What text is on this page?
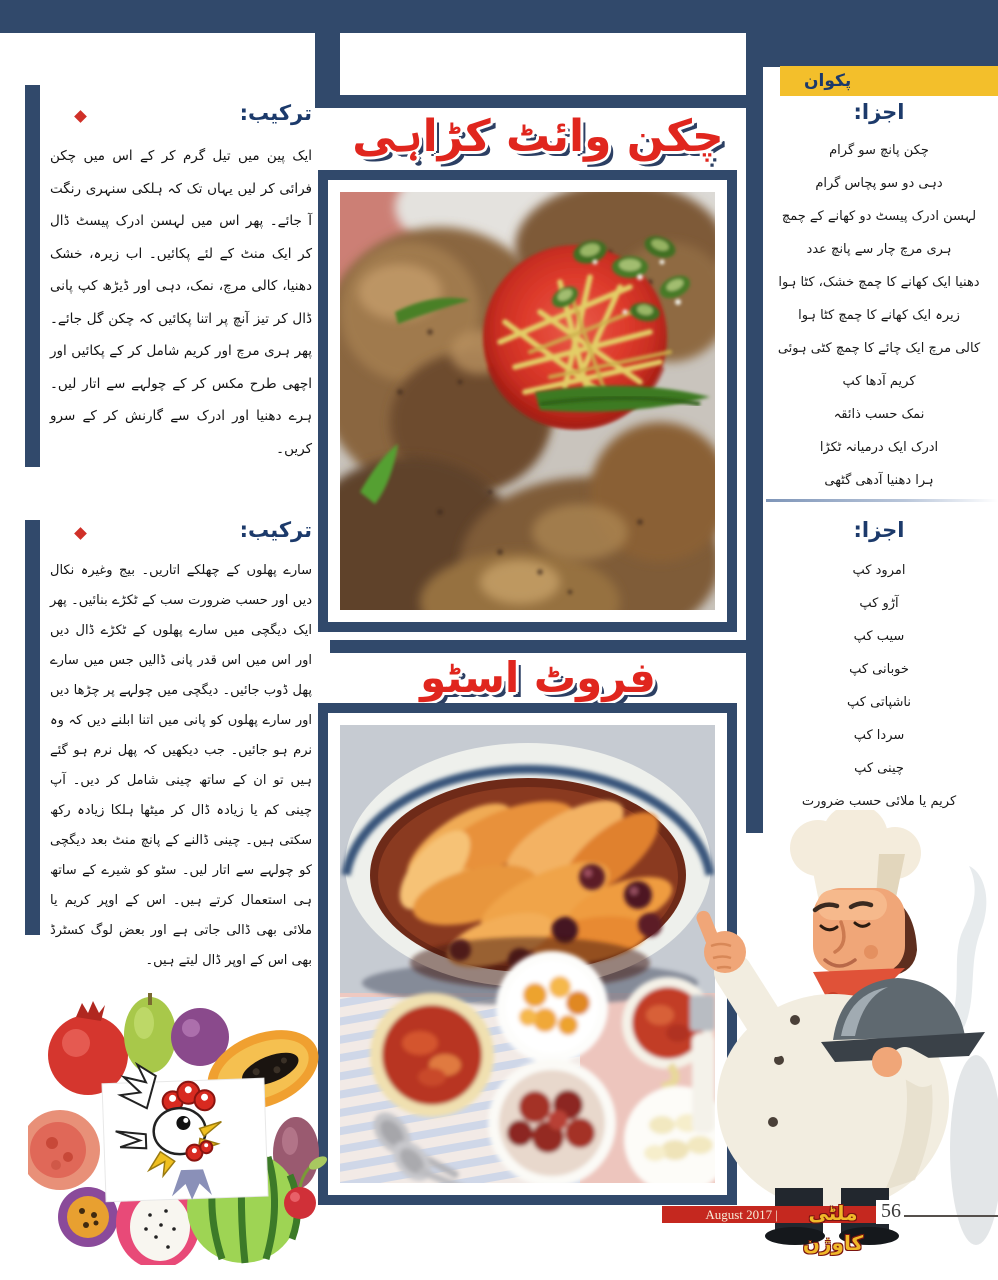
پکوان
چکن وائٹ کڑاہی
فروٹ اسٹو
ترکیب:	اجزا:
ترکیب:	اجزا:
ایک پین میں تیل گرم کر کے اس میں چکن فرائی کر لیں یہاں تک کہ ہلکی سنہری رنگت آ جائے۔ پھر اس میں لہسن ادرک پیسٹ ڈال کر ایک منٹ کے لئے پکائیں۔ اب زیرہ، خشک دھنیا، کالی مرچ، نمک، دہی اور ڈیڑھ کپ پانی ڈال کر تیز آنچ پر اتنا پکائیں کہ چکن گل جائے۔ پھر ہری مرچ اور کریم شامل کر کے پکائیں اور اچھی طرح مکس کر کے چولہے سے اتار لیں۔ ہرے دھنیا اور ادرک سے گارنش کر کے سرو کریں۔
سارے پھلوں کے چھلکے اتاریں۔ بیج وغیرہ نکال دیں اور حسب ضرورت سب کے ٹکڑے بنائیں۔ پھر ایک دیگچی میں سارے پھلوں کے ٹکڑے ڈال دیں اور اس میں اس قدر پانی ڈالیں جس میں سارے پھل ڈوب جائیں۔ دیگچی میں چولہے پر چڑھا دیں اور سارے پھلوں کو پانی میں اتنا ابلنے دیں کہ وہ نرم ہو جائیں۔ جب دیکھیں کہ پھل نرم ہو گئے ہیں تو ان کے ساتھ چینی شامل کر دیں۔ آپ چینی کم یا زیادہ ڈال کر میٹھا ہلکا زیادہ رکھ سکتی ہیں۔ چینی ڈالنے کے پانچ منٹ بعد دیگچی کو چولہے سے اتار لیں۔ سٹو کو شیرے کے ساتھ ہی استعمال کرتے ہیں۔ اس کے اوپر کریم یا ملائی بھی ڈالی جاتی ہے اور بعض لوگ کسٹرڈ بھی اس کے اوپر ڈال لیتے ہیں۔
چکن پانچ سو گرام
دہی دو سو پچاس گرام
لہسن ادرک پیسٹ دو کھانے کے چمچ
ہری مرچ چار سے پانچ عدد
دھنیا ایک کھانے کا چمچ خشک، کٹا ہوا
زیرہ ایک کھانے کا چمچ کٹا ہوا
کالی مرچ ایک چائے کا چمچ کٹی ہوئی
کریم آدھا کپ
نمک حسب ذائقہ
ادرک ایک درمیانہ ٹکڑا
ہرا دھنیا آدھی گٹھی
امرود کپ
آڑو کپ
سیب کپ
خوبانی کپ
ناشپاتی کپ
سردا کپ
چینی کپ
کریم یا ملائی حسب ضرورت
August 2017 |	ملٹی کاوژن
56
